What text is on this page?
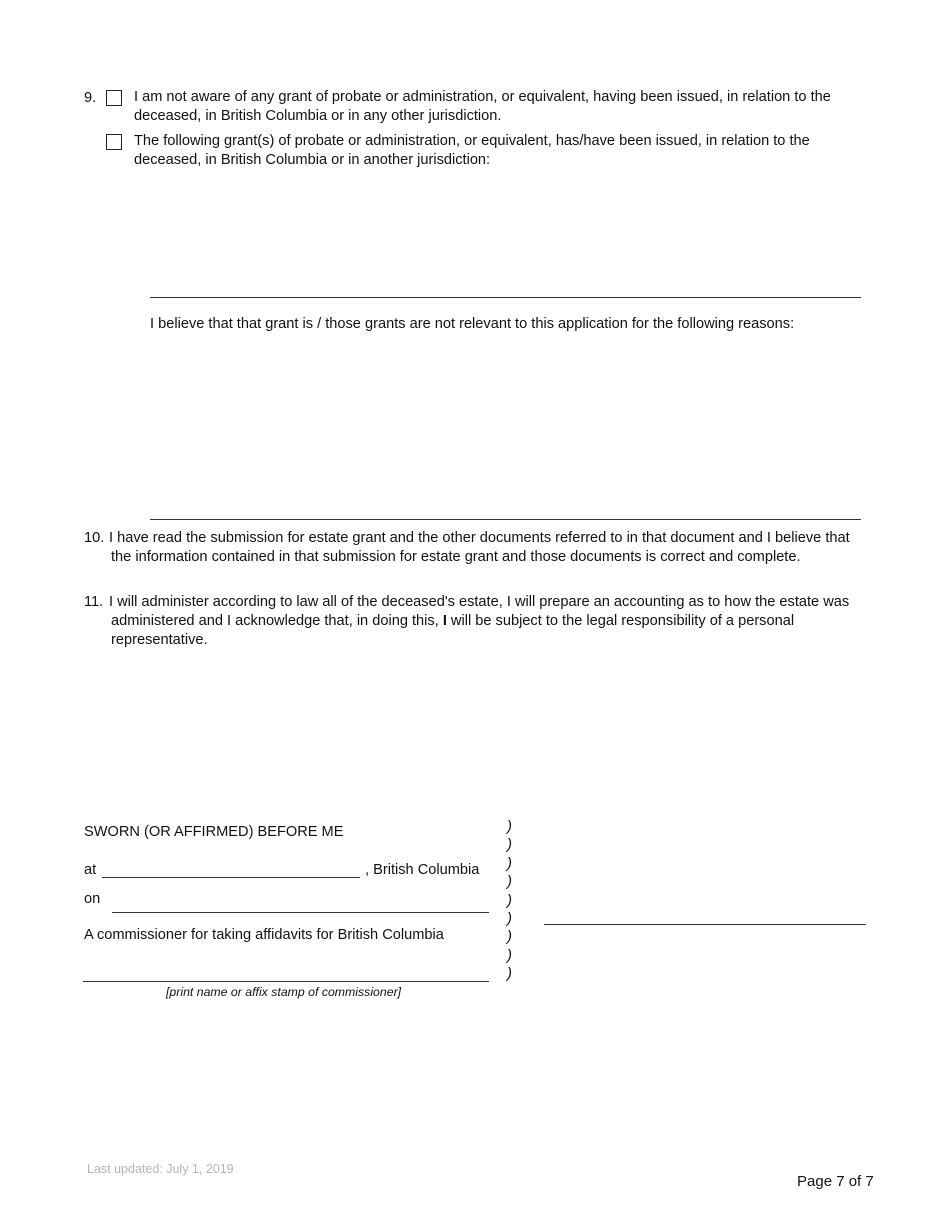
9.	I am not aware of any grant of probate or administration, or equivalent, having been issued, in relation to the deceased, in British Columbia or in any other jurisdiction.
The following grant(s) of probate or administration, or equivalent, has/have been issued, in relation to the deceased, in British Columbia or in another jurisdiction:
I believe that that grant is / those grants are not relevant to this application for the following reasons:
10. I have read the submission for estate grant and the other documents referred to in that document and I believe that the information contained in that submission for estate grant and those documents is correct and complete.
11. I will administer according to law all of the deceased's estate, I will prepare an accounting as to how the estate was administered and I acknowledge that, in doing this, I will be subject to the legal responsibility of a personal representative.
SWORN (OR AFFIRMED) BEFORE ME
at	, British Columbia
on
A commissioner for taking affidavits for British Columbia
[print name or affix stamp of commissioner]
)
)
)
)
)
)
)
)
)
Last updated: July 1, 2019
Page 7 of 7
